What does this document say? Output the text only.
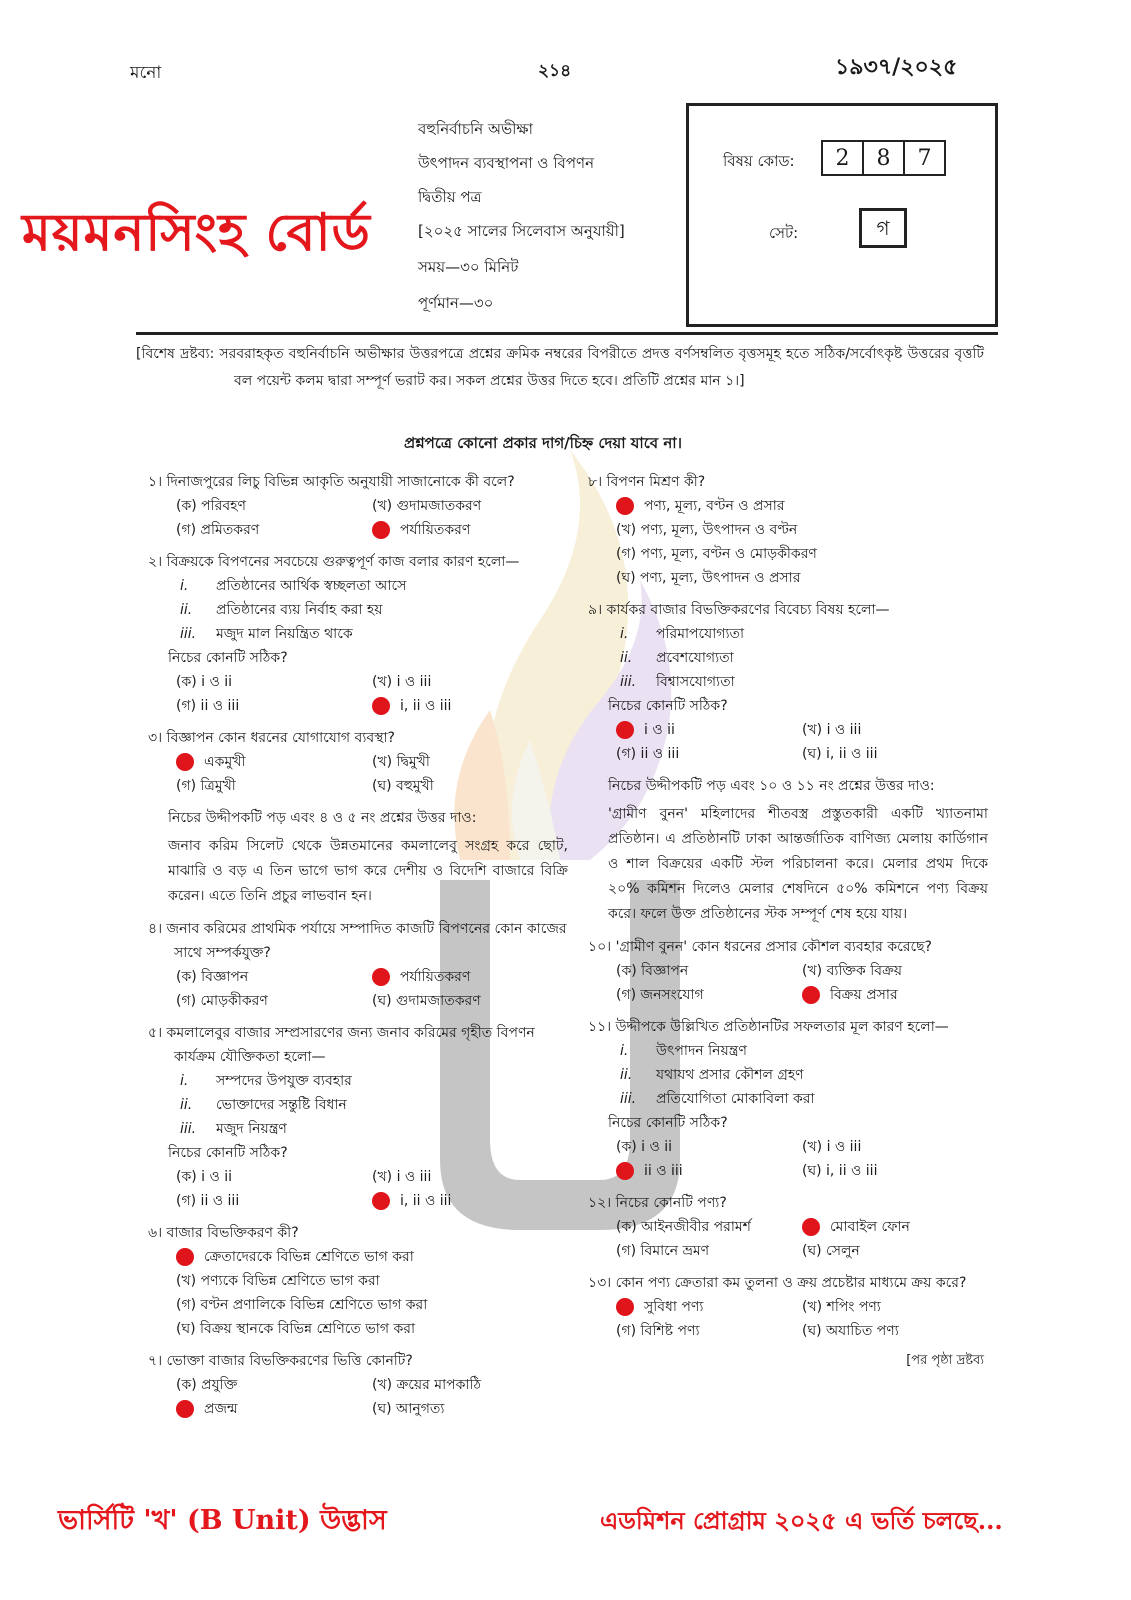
মনো	২১৪	১৯৩৭/২০২৫
ময়মনসিংহ বোর্ড
বহুনির্বাচনি অভীক্ষা
উৎপাদন ব্যবস্থাপনা ও বিপণন
দ্বিতীয় পত্র
[২০২৫ সালের সিলেবাস অনুযায়ী]
সময়—৩০ মিনিট
পূর্ণমান—৩০
বিষয় কোড:	2 8 7
সেট:	গ
[বিশেষ দ্রষ্টব্য: সরবরাহকৃত বহুনির্বাচনি অভীক্ষার উত্তরপত্রে প্রশ্নের ক্রমিক নম্বরের বিপরীতে প্রদত্ত বর্ণসম্বলিত বৃত্তসমূহ হতে সঠিক/সর্বোৎকৃষ্ট উত্তরের বৃত্তটি বল পয়েন্ট কলম দ্বারা সম্পূর্ণ ভরাট কর। সকল প্রশ্নের উত্তর দিতে হবে। প্রতিটি প্রশ্নের মান ১।]
প্রশ্নপত্রে কোনো প্রকার দাগ/চিহ্ন দেয়া যাবে না।
১। দিনাজপুরের লিচু বিভিন্ন আকৃতি অনুযায়ী সাজানোকে কী বলে?
(ক) পরিবহণ	(খ) গুদামজাতকরণ
(গ) প্রমিতকরণ	পর্যায়িতকরণ
২। বিক্রয়কে বিপণনের সবচেয়ে গুরুত্বপূর্ণ কাজ বলার কারণ হলো—
i. প্রতিষ্ঠানের আর্থিক স্বচ্ছলতা আসে
ii. প্রতিষ্ঠানের ব্যয় নির্বাহ করা হয়
iii. মজুদ মাল নিয়ন্ত্রিত থাকে
নিচের কোনটি সঠিক?
(ক) i ও ii	(খ) i ও iii
(গ) ii ও iii	i, ii ও iii
৩। বিজ্ঞাপন কোন ধরনের যোগাযোগ ব্যবস্থা?
একমুখী	(খ) দ্বিমুখী
(গ) ত্রিমুখী	(ঘ) বহুমুখী
নিচের উদ্দীপকটি পড় এবং ৪ ও ৫ নং প্রশ্নের উত্তর দাও:
জনাব করিম সিলেট থেকে উন্নতমানের কমলালেবু সংগ্রহ করে ছোট, মাঝারি ও বড় এ তিন ভাগে ভাগ করে দেশীয় ও বিদেশি বাজারে বিক্রি করেন। এতে তিনি প্রচুর লাভবান হন।
৪। জনাব করিমের প্রাথমিক পর্যায়ে সম্পাদিত কাজটি বিপণনের কোন কাজের সাথে সম্পর্কযুক্ত?
(ক) বিজ্ঞাপন	পর্যায়িতকরণ
(গ) মোড়কীকরণ	(ঘ) গুদামজাতকরণ
৫। কমলালেবুর বাজার সম্প্রসারণের জন্য জনাব করিমের গৃহীত বিপণন কার্যক্রম যৌক্তিকতা হলো—
i. সম্পদের উপযুক্ত ব্যবহার
ii. ভোক্তাদের সন্তুষ্টি বিধান
iii. মজুদ নিয়ন্ত্রণ
নিচের কোনটি সঠিক?
(ক) i ও ii	(খ) i ও iii
(গ) ii ও iii	i, ii ও iii
৬। বাজার বিভক্তিকরণ কী?
ক্রেতাদেরকে বিভিন্ন শ্রেণিতে ভাগ করা
(খ) পণ্যকে বিভিন্ন শ্রেণিতে ভাগ করা
(গ) বণ্টন প্রণালিকে বিভিন্ন শ্রেণিতে ভাগ করা
(ঘ) বিক্রয় স্থানকে বিভিন্ন শ্রেণিতে ভাগ করা
৭। ভোক্তা বাজার বিভক্তিকরণের ভিত্তি কোনটি?
(ক) প্রযুক্তি	(খ) ক্রয়ের মাপকাঠি
প্রজন্ম	(ঘ) আনুগত্য
৮। বিপণন মিশ্রণ কী?
পণ্য, মূল্য, বণ্টন ও প্রসার
(খ) পণ্য, মূল্য, উৎপাদন ও বণ্টন
(গ) পণ্য, মূল্য, বণ্টন ও মোড়কীকরণ
(ঘ) পণ্য, মূল্য, উৎপাদন ও প্রসার
৯। কার্যকর বাজার বিভক্তিকরণের বিবেচ্য বিষয় হলো—
i. পরিমাপযোগ্যতা
ii. প্রবেশযোগ্যতা
iii. বিশ্বাসযোগ্যতা
নিচের কোনটি সঠিক?
i ও ii	(খ) i ও iii
(গ) ii ও iii	(ঘ) i, ii ও iii
নিচের উদ্দীপকটি পড় এবং ১০ ও ১১ নং প্রশ্নের উত্তর দাও:
'গ্রামীণ বুনন' মহিলাদের শীতবস্ত্র প্রস্তুতকারী একটি খ্যাতনামা প্রতিষ্ঠান। এ প্রতিষ্ঠানটি ঢাকা আন্তর্জাতিক বাণিজ্য মেলায় কার্ডিগান ও শাল বিক্রয়ের একটি স্টল পরিচালনা করে। মেলার প্রথম দিকে ২০% কমিশন দিলেও মেলার শেষদিনে ৫০% কমিশনে পণ্য বিক্রয় করে। ফলে উক্ত প্রতিষ্ঠানের স্টক সম্পূর্ণ শেষ হয়ে যায়।
১০। 'গ্রামীণ বুনন' কোন ধরনের প্রসার কৌশল ব্যবহার করেছে?
(ক) বিজ্ঞাপন	(খ) ব্যক্তিক বিক্রয়
(গ) জনসংযোগ	বিক্রয় প্রসার
১১। উদ্দীপকে উল্লিখিত প্রতিষ্ঠানটির সফলতার মূল কারণ হলো—
i. উৎপাদন নিয়ন্ত্রণ
ii. যথাযথ প্রসার কৌশল গ্রহণ
iii. প্রতিযোগিতা মোকাবিলা করা
নিচের কোনটি সঠিক?
(ক) i ও ii	(খ) i ও iii
ii ও iii	(ঘ) i, ii ও iii
১২। নিচের কোনটি পণ্য?
(ক) আইনজীবীর পরামর্শ	মোবাইল ফোন
(গ) বিমানে ভ্রমণ	(ঘ) সেলুন
১৩। কোন পণ্য ক্রেতারা কম তুলনা ও ক্রয় প্রচেষ্টার মাধ্যমে ক্রয় করে?
সুবিধা পণ্য	(খ) শপিং পণ্য
(গ) বিশিষ্ট পণ্য	(ঘ) অযাচিত পণ্য
[পর পৃষ্ঠা দ্রষ্টব্য
ভার্সিটি 'খ' (B Unit) উদ্ভাস	এডমিশন প্রোগ্রাম ২০২৫ এ ভর্তি চলছে...
